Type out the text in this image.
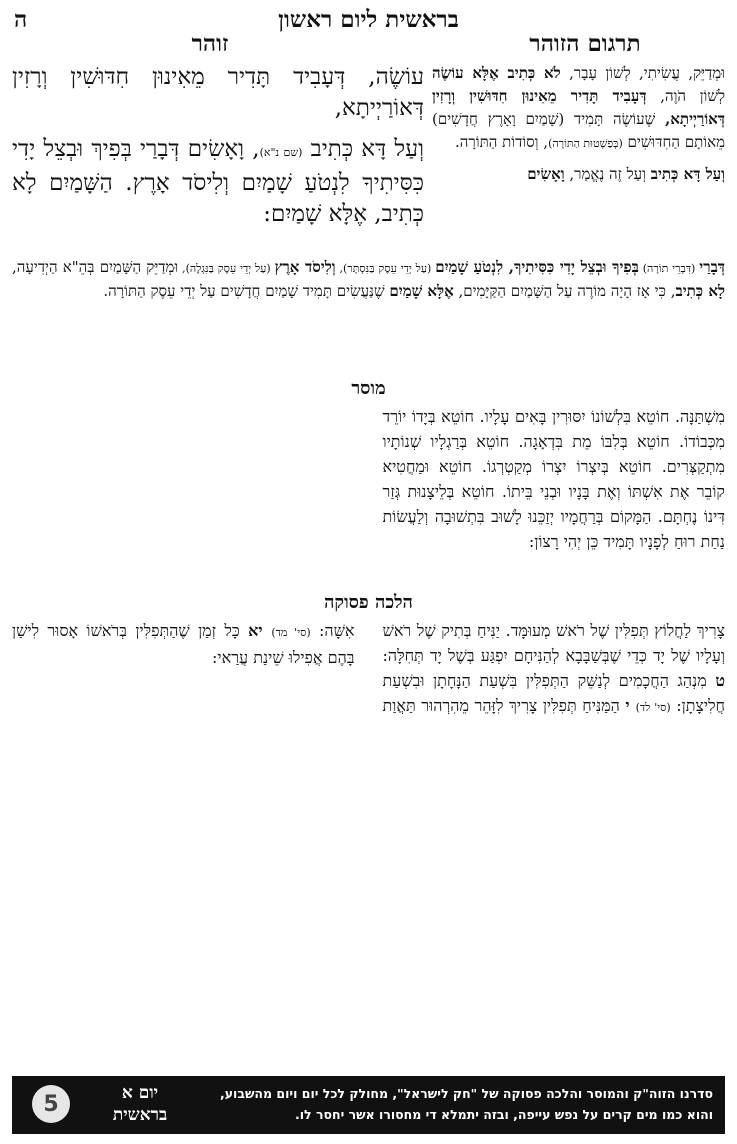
ה	בראשית ליום ראשון
זוהר	תרגום הזוהר

עוֹשֶׂה, דְּעָבִיד תָּדִיר מֵאִינוּן חִדּוּשִׁין וְרָזִין דְּאוֹרַיְיתָא,

וְעַל דָּא כְּתִיב (שם נ"א), וָאָשִׂים דְּבָרַי בְּפִיךְ וּבְצֵל יָדִי כִּסִּיתִיךָ לִנְטֹעַ שָׁמַיִם וְלִיסֹד אָרֶץ. הַשָּׁמַיִם לָא כְּתִיב, אֶלָּא שָׁמַיִם:

וּמְדַיֵּק, עֲשִׂיתִי, לְשׁוֹן עָבָר, לֹא כְּתִיב אֶלָּא עוֹשֶׂה לְשׁוֹן הֹוֶה, דְּעָבִיד תָּדִיר מֵאִינוּן חִדּוּשִׁין וְרָזִין דְּאוֹרַיְיתָא, שֶׁעוֹשֶׂה תָּמִיד (שָׁמַיִם וָאָרֶץ חֲדָשִׁים) מֵאוֹתָם הַחִדּוּשִׁים (בְּפַשְׁטוּת הַתּוֹרָה), וְסוֹדוֹת הַתּוֹרָה.

וְעַל דָּא כְּתִיב וְעַל זֶה נֶאֱמַר, וָאָשִׂים

דְּבָרַי (דִּבְרֵי תוֹרָה) בְּפִיךָ וּבְצֵל יָדִי כִּסִּיתִיךָ, לִנְטֹעַ שָׁמַיִם (עַל יְדֵי עֵסֶק בַּנִּסְתָּר), וְלִיסֹד אָרֶץ (עַל יְדֵי עֵסֶק בַּנִּגְלֶה), וּמְדַיֵּק הַשָּׁמַיִם בְּהֵ"א הַיְדִיעָה, לָא כְּתִיב, כִּי אָז הָיָה מוֹרֶה עַל הַשָּׁמַיִם הַקַּיָּמִים, אֶלָּא שָׁמַיִם שֶׁנַּעֲשִׂים תָּמִיד שָׁמַיִם חֲדָשִׁים עַל יְדֵי עֵסֶק הַתּוֹרָה.

מוסר

מִשְׁתַּנָּה. חוֹטֵא בִּלְשׁוֹנוֹ יִסּוּרִין בָּאִים עָלָיו. חוֹטֵא בְּיָדוֹ יוֹרֵד מִכְּבוֹדוֹ. חוֹטֵא בְּלִבּוֹ מֵת בִּדְאָגָה. חוֹטֵא בְּרַגְלָיו שְׁנוֹתָיו מִתְקַצְּרִים. חוֹטֵא בְּיִצְרוֹ יִצְרוֹ מְקַטְרְגוֹ. חוֹטֵא וּמַחֲטִיא קוֹבֵר אֶת אִשְׁתּוֹ וְאֶת בָּנָיו וּבְנֵי בֵּיתוֹ. חוֹטֵא בְּלֵיצָנוּת גְּזַר דִּינוֹ נֶחְתָּם. הַמָּקוֹם בְּרַחֲמָיו יְזַכֵּנוּ לָשׁוּב בִּתְשׁוּבָה וְלַעֲשׂוֹת נַחַת רוּחַ לְפָנָיו תָּמִיד כֵּן יְהִי רָצוֹן:

הלכה פסוקה

צָרִיךְ לַחֲלוֹץ תְּפִלִּין שֶׁל רֹאשׁ מְעוּמָּד. יַנִּיחַ בְּתִיק שֶׁל רֹאשׁ וְעָלָיו שֶׁל יָד כְּדֵי שֶׁבְּשַׁבָּבָא לְהַנִּיחָם יִפְגַּע בְּשֶׁל יָד תְּחִלָּה: ט מִנְהַג הַחֲכָמִים לְנַשֵּׁק הַתְּפִלִּין בִּשְׁעַת הַנָּחָתָן וּבִשְׁעַת חֲלִיצָתָן: (סי' לד) י הַמַּנִּיחַ תְּפִלִּין צָרִיךְ לִזָּהֵר מֵהִרְהוּר תַּאֲוַת אִשָּׁה: (סי' מד) יא כָּל זְמַן שֶׁהַתְּפִלִּין בְּרֹאשׁוֹ אָסוּר לִישַׁן בָּהֶם אֲפִילוּ שֵׁינַת עֲרַאי:

סדרנו הזוה"ק והמוסר והלכה פסוקה של "חק לישראל", מחולק לכל יום ויום מהשבוע,
והוא כמו מים קרים על נפש עייפה, ובזה יתמלא די מחסורו אשר יחסר לו.
יום א
בראשית
5
